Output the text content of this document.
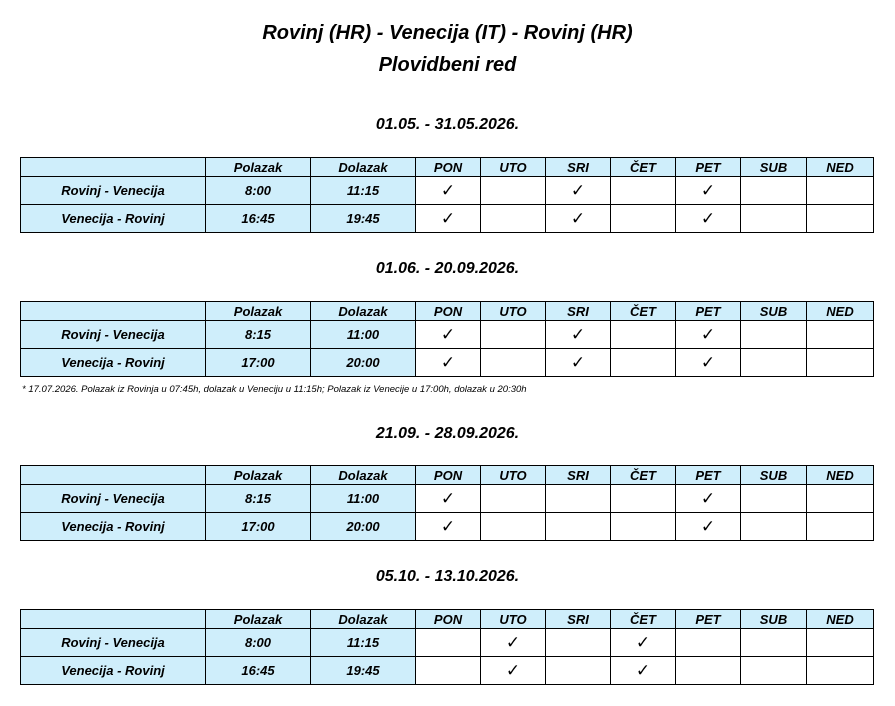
Rovinj (HR) - Venecija (IT) - Rovinj (HR)
Plovidbeni red
01.05. - 31.05.2026.
	Polazak	Dolazak	PON	UTO	SRI	ČET	PET	SUB	NED
Rovinj - Venecija	8:00	11:15	✓		✓		✓		
Venecija - Rovinj	16:45	19:45	✓		✓		✓		
01.06. - 20.09.2026.
	Polazak	Dolazak	PON	UTO	SRI	ČET	PET	SUB	NED
Rovinj - Venecija	8:15	11:00	✓		✓		✓		
Venecija - Rovinj	17:00	20:00	✓		✓		✓		
* 17.07.2026. Polazak iz Rovinja u 07:45h, dolazak u Veneciju u 11:15h; Polazak iz Venecije u 17:00h, dolazak u 20:30h
21.09. - 28.09.2026.
	Polazak	Dolazak	PON	UTO	SRI	ČET	PET	SUB	NED
Rovinj - Venecija	8:15	11:00	✓				✓		
Venecija - Rovinj	17:00	20:00	✓				✓		
05.10. - 13.10.2026.
	Polazak	Dolazak	PON	UTO	SRI	ČET	PET	SUB	NED
Rovinj - Venecija	8:00	11:15		✓		✓			
Venecija - Rovinj	16:45	19:45		✓		✓			
